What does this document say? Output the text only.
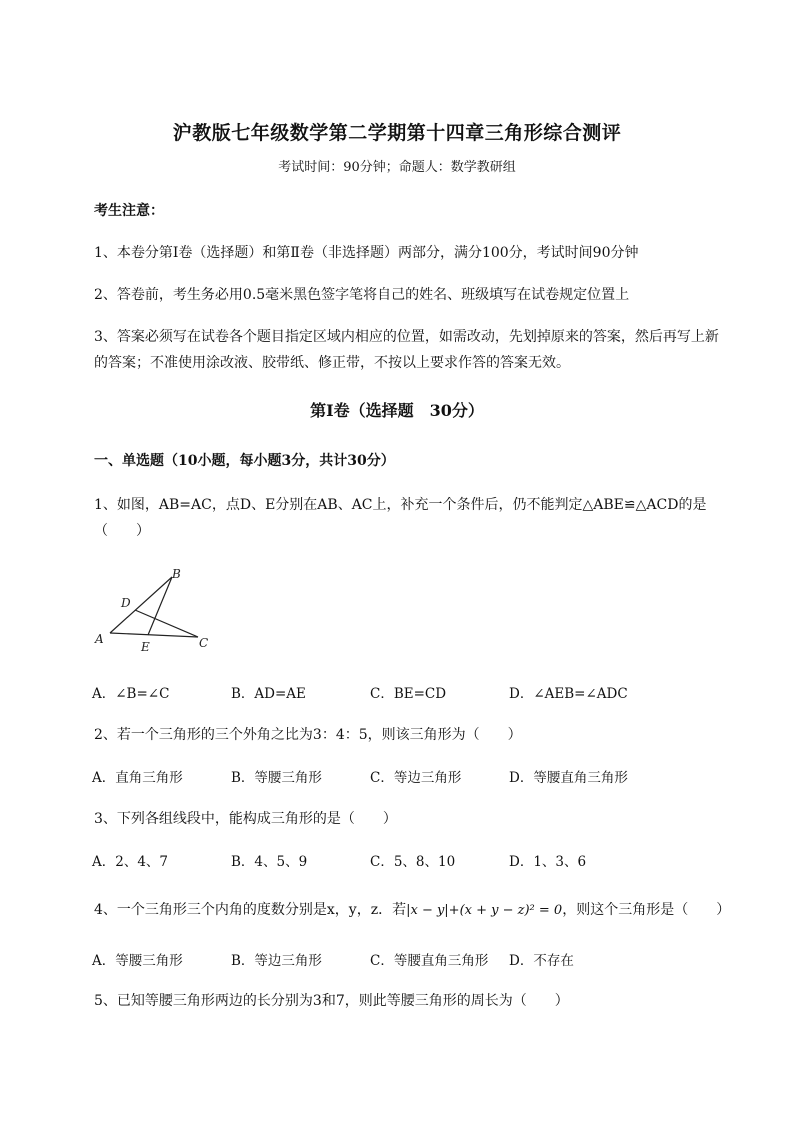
沪教版七年级数学第二学期第十四章三角形综合测评
考试时间：90分钟；命题人：数学教研组
考生注意：
1、本卷分第I卷（选择题）和第Ⅱ卷（非选择题）两部分，满分100分，考试时间90分钟
2、答卷前，考生务必用0.5毫米黑色签字笔将自己的姓名、班级填写在试卷规定位置上
3、答案必须写在试卷各个题目指定区域内相应的位置，如需改动，先划掉原来的答案，然后再写上新
的答案；不准使用涂改液、胶带纸、修正带，不按以上要求作答的答案无效。
第I卷（选择题　30分）
一、单选题（10小题，每小题3分，共计30分）
1、如图，AB=AC，点D、E分别在AB、AC上，补充一个条件后，仍不能判定△ABE≌△ACD的是
（　　）
B
D
A
E	C
A．∠B=∠C	B．AD=AE	C．BE=CD	D．∠AEB=∠ADC
2、若一个三角形的三个外角之比为3：4：5，则该三角形为（　　）
A．直角三角形	B．等腰三角形	C．等边三角形	D．等腰直角三角形
3、下列各组线段中，能构成三角形的是（　　）
A．2、4、7	B．4、5、9	C．5、8、10	D．1、3、6
4、一个三角形三个内角的度数分别是x，y，z．若|x − y|+(x + y − z)² = 0，则这个三角形是（　　）
A．等腰三角形	B．等边三角形	C．等腰直角三角形 D．不存在
5、已知等腰三角形两边的长分别为3和7，则此等腰三角形的周长为（　　）
